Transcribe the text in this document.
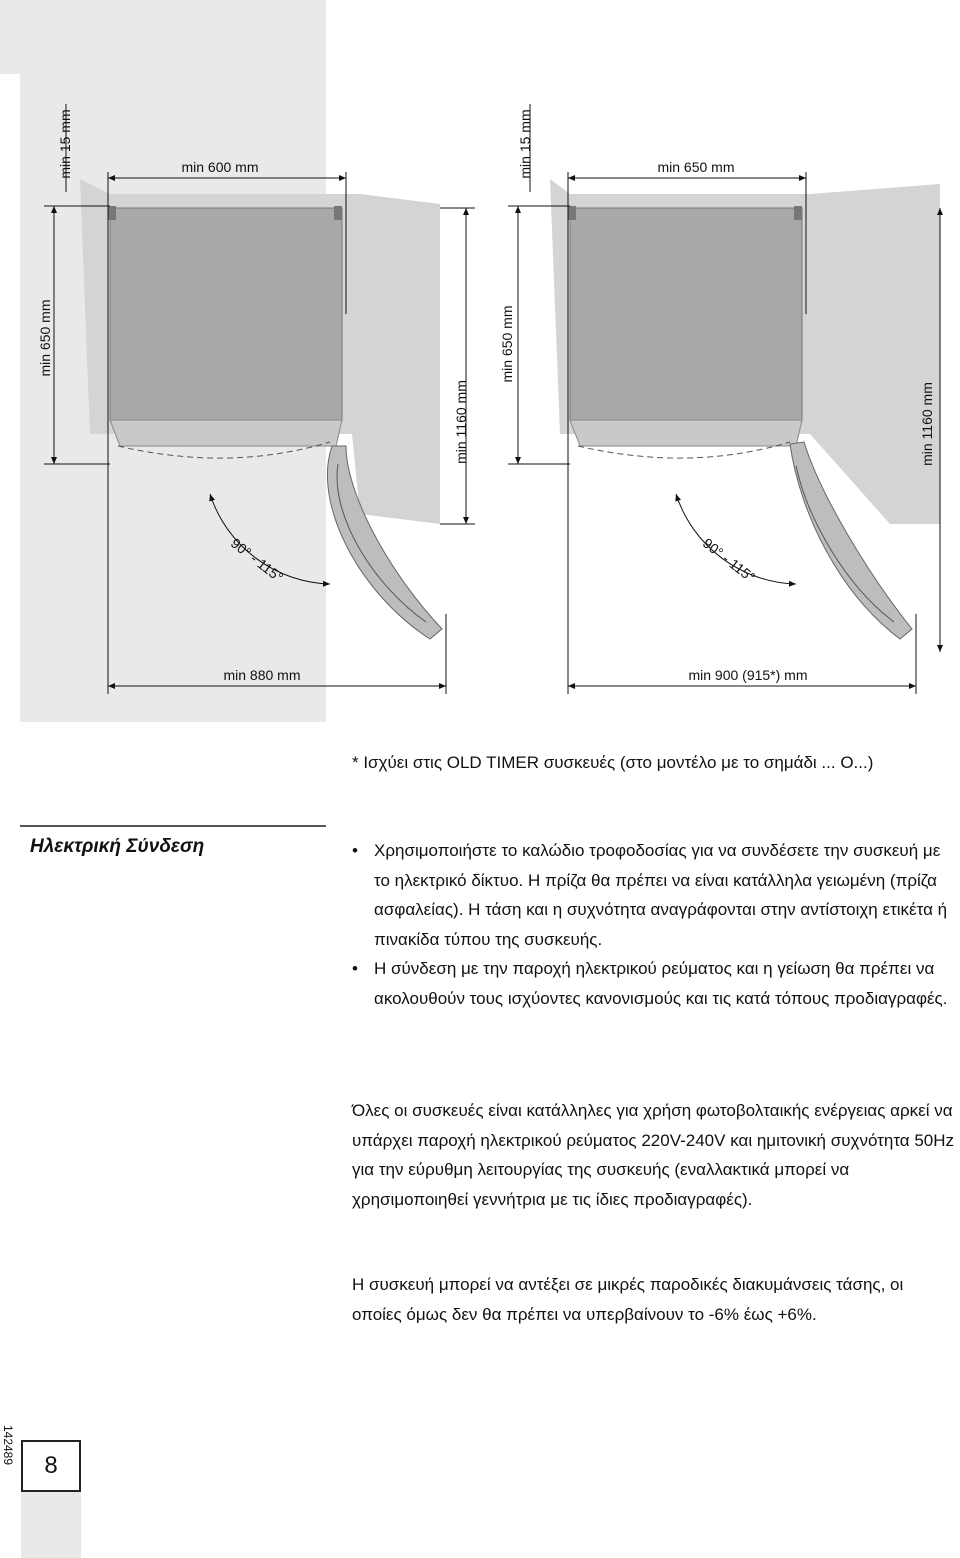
min 600 mm
min 15 mm
min 650 mm
min 1160 mm
90° - 115°
min 880 mm
min 650 mm
min 15 mm
min 650 mm
min 1160 mm
90° - 115°
min 900 (915*) mm
* Ισχύει στις OLD TIMER συσκευές (στο μοντέλο με το σημάδι ... O...)
Ηλεκτρική Σύνδεση	• Χρησιμοποιήστε το καλώδιο τροφοδοσίας για να συνδέσετε την συσκευή με το ηλεκτρικό δίκτυο. Η πρίζα θα πρέπει να είναι κατάλληλα γειωμένη (πρίζα ασφαλείας). Η τάση και η συχνότητα αναγράφονται στην αντίστοιχη ετικέτα ή πινακίδα τύπου της συσκευής.
• Η σύνδεση με την παροχή ηλεκτρικού ρεύματος και η γείωση θα πρέπει να ακολουθούν τους ισχύοντες κανονισμούς και τις κατά τόπους προδιαγραφές.

Όλες οι συσκευές είναι κατάλληλες για χρήση φωτοβολταικής ενέργειας αρκεί να υπάρχει παροχή ηλεκτρικού ρεύματος 220V-240V και ημιτονική συχνότητα 50Hz για την εύρυθμη λειτουργίας της συσκευής (εναλλακτικά μπορεί να χρησιμοποιηθεί γεννήτρια με τις ίδιες προδιαγραφές).

Η συσκευή μπορεί να αντέξει σε μικρές παροδικές διακυμάνσεις τάσης, οι οποίες όμως δεν θα πρέπει να υπερβαίνουν το -6% έως +6%.

142489
8
